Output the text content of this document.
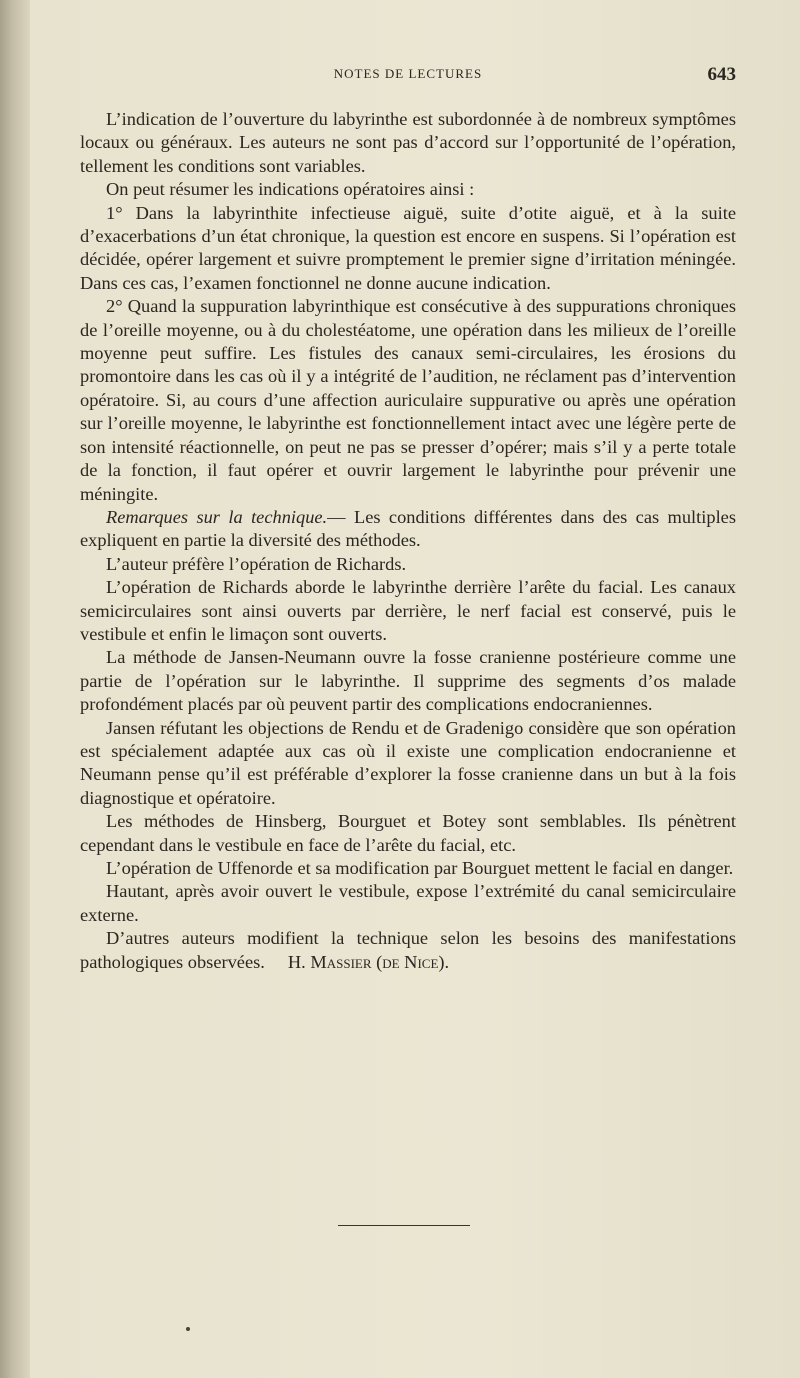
NOTES DE LECTURES	643

L’indication de l’ouverture du labyrinthe est subordonnée à de nombreux symptômes locaux ou généraux. Les auteurs ne sont pas d’accord sur l’opportunité de l’opération, tellement les conditions sont variables.

On peut résumer les indications opératoires ainsi :

1° Dans la labyrinthite infectieuse aiguë, suite d’otite aiguë, et à la suite d’exacerbations d’un état chronique, la question est encore en suspens. Si l’opération est décidée, opérer largement et suivre promptement le premier signe d’irritation méningée. Dans ces cas, l’examen fonctionnel ne donne aucune indication.

2° Quand la suppuration labyrinthique est consécutive à des suppurations chroniques de l’oreille moyenne, ou à du cholestéatome, une opération dans les milieux de l’oreille moyenne peut suffire. Les fistules des canaux semi-circulaires, les érosions du promontoire dans les cas où il y a intégrité de l’audition, ne réclament pas d’intervention opératoire. Si, au cours d’une affection auriculaire suppurative ou après une opération sur l’oreille moyenne, le labyrinthe est fonctionnellement intact avec une légère perte de son intensité réactionnelle, on peut ne pas se presser d’opérer; mais s’il y a perte totale de la fonction, il faut opérer et ouvrir largement le labyrinthe pour prévenir une méningite.

Remarques sur la technique.— Les conditions différentes dans des cas multiples expliquent en partie la diversité des méthodes.

L’auteur préfère l’opération de Richards.

L’opération de Richards aborde le labyrinthe derrière l’arête du facial. Les canaux semicirculaires sont ainsi ouverts par derrière, le nerf facial est conservé, puis le vestibule et enfin le limaçon sont ouverts.

La méthode de Jansen-Neumann ouvre la fosse cranienne postérieure comme une partie de l’opération sur le labyrinthe. Il supprime des segments d’os malade profondément placés par où peuvent partir des complications endocraniennes.

Jansen réfutant les objections de Rendu et de Gradenigo considère que son opération est spécialement adaptée aux cas où il existe une complication endocranienne et Neumann pense qu’il est préférable d’explorer la fosse cranienne dans un but à la fois diagnostique et opératoire.

Les méthodes de Hinsberg, Bourguet et Botey sont semblables. Ils pénètrent cependant dans le vestibule en face de l’arête du facial, etc.

L’opération de Uffenorde et sa modification par Bourguet mettent le facial en danger.

Hautant, après avoir ouvert le vestibule, expose l’extrémité du canal semicirculaire externe.

D’autres auteurs modifient la technique selon les besoins des manifestations pathologiques observées. H. Massier (de Nice).
